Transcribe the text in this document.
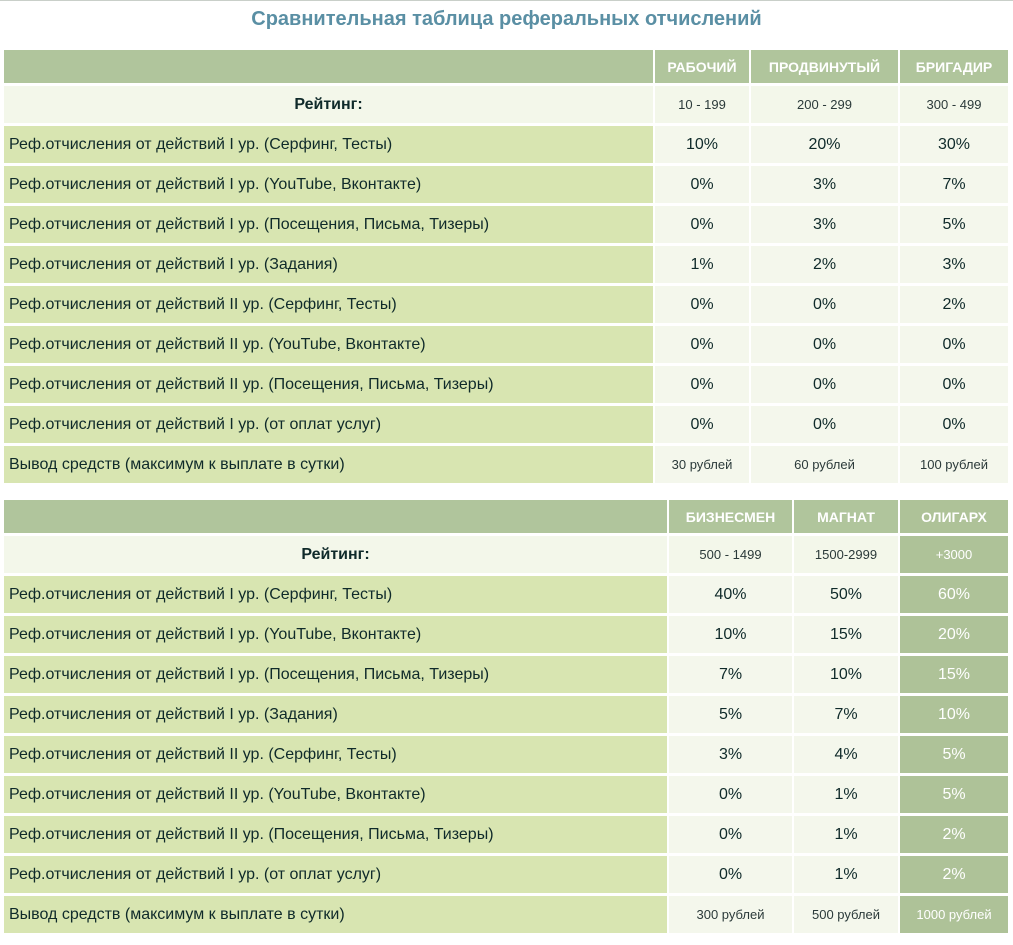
Сравнительная таблица реферальных отчислений
	РАБОЧИЙ	ПРОДВИНУТЫЙ	БРИГАДИР
Рейтинг:	10 - 199	200 - 299	300 - 499
Реф.отчисления от действий I ур. (Серфинг, Тесты)	10%	20%	30%
Реф.отчисления от действий I ур. (YouTube, Вконтакте)	0%	3%	7%
Реф.отчисления от действий I ур. (Посещения, Письма, Тизеры)	0%	3%	5%
Реф.отчисления от действий I ур. (Задания)	1%	2%	3%
Реф.отчисления от действий II ур. (Серфинг, Тесты)	0%	0%	2%
Реф.отчисления от действий II ур. (YouTube, Вконтакте)	0%	0%	0%
Реф.отчисления от действий II ур. (Посещения, Письма, Тизеры)	0%	0%	0%
Реф.отчисления от действий I ур. (от оплат услуг)	0%	0%	0%
Вывод средств (максимум к выплате в сутки)	30 рублей	60 рублей	100 рублей
	БИЗНЕСМЕН	МАГНАТ	ОЛИГАРХ
Рейтинг:	500 - 1499	1500-2999	+3000
Реф.отчисления от действий I ур. (Серфинг, Тесты)	40%	50%	60%
Реф.отчисления от действий I ур. (YouTube, Вконтакте)	10%	15%	20%
Реф.отчисления от действий I ур. (Посещения, Письма, Тизеры)	7%	10%	15%
Реф.отчисления от действий I ур. (Задания)	5%	7%	10%
Реф.отчисления от действий II ур. (Серфинг, Тесты)	3%	4%	5%
Реф.отчисления от действий II ур. (YouTube, Вконтакте)	0%	1%	5%
Реф.отчисления от действий II ур. (Посещения, Письма, Тизеры)	0%	1%	2%
Реф.отчисления от действий I ур. (от оплат услуг)	0%	1%	2%
Вывод средств (максимум к выплате в сутки)	300 рублей	500 рублей	1000 рублей
